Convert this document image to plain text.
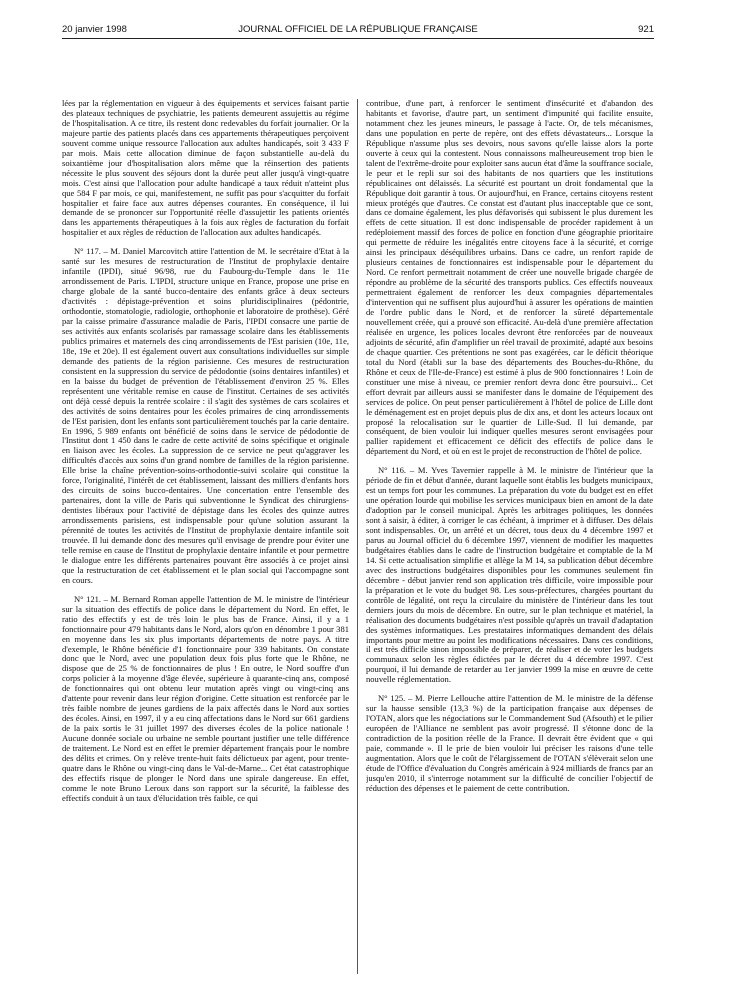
20 janvier 1998	JOURNAL OFFICIEL DE LA RÉPUBLIQUE FRANÇAISE	921

lées par la réglementation en vigueur à des équipements et services faisant partie des plateaux techniques de psychiatrie, les patients demeurent assujettis au régime de l'hospitalisation. A ce titre, ils restent donc redevables du forfait journalier. Or la majeure partie des patients placés dans ces appartements thérapeutiques perçoivent souvent comme unique ressource l'allocation aux adultes handicapés, soit 3 433 F par mois. Mais cette allocation diminue de façon substantielle au-delà du soixantième jour d'hospitalisation alors même que la réinsertion des patients nécessite le plus souvent des séjours dont la durée peut aller jusqu'à vingt-quatre mois. C'est ainsi que l'allocation pour adulte handicapé a taux réduit n'atteint plus que 584 F par mois, ce qui, manifestement, ne suffit pas pour s'acquitter du forfait hospitalier et faire face aux autres dépenses courantes. En conséquence, il lui demande de se prononcer sur l'opportunité réelle d'assujettir les patients orientés dans les appartements thérapeutiques à la fois aux règles de facturation du forfait hospitalier et aux règles de réduction de l'allocation aux adultes handicapés.

N° 117. – M. Daniel Marcovitch attire l'attention de M. le secrétaire d'Etat à la santé sur les mesures de restructuration de l'Institut de prophylaxie dentaire infantile (IPDI), situé 96/98, rue du Faubourg-du-Temple dans le 11e arrondissement de Paris. L'IPDI, structure unique en France, propose une prise en charge globale de la santé bucco-dentaire des enfants grâce à deux secteurs d'activités : dépistage-prévention et soins pluridisciplinaires (pédontrie, orthodontie, stomatologie, radiologie, orthophonie et laboratoire de prothèse). Géré par la caisse primaire d'assurance maladie de Paris, l'IPDI consacre une partie de ses activités aux enfants scolarisés par ramassage scolaire dans les établissements publics primaires et maternels des cinq arrondissements de l'Est parisien (10e, 11e, 18e, 19e et 20e). Il est également ouvert aux consultations individuelles sur simple demande des patients de la région parisienne. Ces mesures de restructuration consistent en la suppression du service de pédodontie (soins dentaires infantiles) et en la baisse du budget de prévention de l'établissement d'environ 25 %. Elles représentent une véritable remise en cause de l'institut. Certaines de ses activités ont déjà cessé depuis la rentrée scolaire : il s'agit des systèmes de cars scolaires et des activités de soins dentaires pour les écoles primaires de cinq arrondissements de l'Est parisien, dont les enfants sont particulièrement touchés par la carie dentaire. En 1996, 5 989 enfants ont bénéficié de soins dans le service de pédodontie de l'Institut dont 1 450 dans le cadre de cette activité de soins spécifique et originale en liaison avec les écoles. La suppression de ce service ne peut qu'aggraver les difficultés d'accès aux soins d'un grand nombre de familles de la région parisienne. Elle brise la chaîne prévention-soins-orthodontie-suivi scolaire qui constitue la force, l'originalité, l'intérêt de cet établissement, laissant des milliers d'enfants hors des circuits de soins bucco-dentaires. Une concertation entre l'ensemble des partenaires, dont la ville de Paris qui subventionne le Syndicat des chirurgiens-dentistes libéraux pour l'activité de dépistage dans les écoles des quinze autres arrondissements parisiens, est indispensable pour qu'une solution assurant la pérennité de toutes les activités de l'Institut de prophylaxie dentaire infantile soit trouvée. Il lui demande donc des mesures qu'il envisage de prendre pour éviter une telle remise en cause de l'Institut de prophylaxie dentaire infantile et pour permettre le dialogue entre les différents partenaires pouvant être associés à ce projet ainsi que la restructuration de cet établissement et le plan social qui l'accompagne sont en cours.

N° 121. – M. Bernard Roman appelle l'attention de M. le ministre de l'intérieur sur la situation des effectifs de police dans le département du Nord. En effet, le ratio des effectifs y est de très loin le plus bas de France. Ainsi, il y a 1 fonctionnaire pour 479 habitants dans le Nord, alors qu'on en dénombre 1 pour 381 en moyenne dans les six plus importants départements de notre pays. A titre d'exemple, le Rhône bénéficie d'1 fonctionnaire pour 339 habitants. On constate donc que le Nord, avec une population deux fois plus forte que le Rhône, ne dispose que de 25 % de fonctionnaires de plus ! En outre, le Nord souffre d'un corps policier à la moyenne d'âge élevée, supérieure à quarante-cinq ans, composé de fonctionnaires qui ont obtenu leur mutation après vingt ou vingt-cinq ans d'attente pour revenir dans leur région d'origine. Cette situation est renforcée par le très faible nombre de jeunes gardiens de la paix affectés dans le Nord aux sorties des écoles. Ainsi, en 1997, il y a eu cinq affectations dans le Nord sur 661 gardiens de la paix sortis le 31 juillet 1997 des diverses écoles de la police nationale ! Aucune donnée sociale ou urbaine ne semble pourtant justifier une telle différence de traitement. Le Nord est en effet le premier département français pour le nombre des délits et crimes. On y relève trente-huit faits délictueux par agent, pour trente-quatre dans le Rhône ou vingt-cinq dans le Val-de-Marne... Cet état catastrophique des effectifs risque de plonger le Nord dans une spirale dangereuse. En effet, comme le note Bruno Leroux dans son rapport sur la sécurité, la faiblesse des effectifs conduit à un taux d'élucidation très faible, ce qui

contribue, d'une part, à renforcer le sentiment d'insécurité et d'abandon des habitants et favorise, d'autre part, un sentiment d'impunité qui facilite ensuite, notamment chez les jeunes mineurs, le passage à l'acte. Or, de tels mécanismes, dans une population en perte de repère, ont des effets dévastateurs... Lorsque la République n'assume plus ses devoirs, nous savons qu'elle laisse alors la porte ouverte à ceux qui la contestent. Nous connaissons malheureusement trop bien le talent de l'extrême-droite pour exploiter sans aucun état d'âme la souffrance sociale, le peur et le repli sur soi des habitants de nos quartiers que les institutions républicaines ont délaissés. La sécurité est pourtant un droit fondamental que la République doit garantir à tous. Or aujourd'hui, en France, certains citoyens restent mieux protégés que d'autres. Ce constat est d'autant plus inacceptable que ce sont, dans ce domaine également, les plus défavorisés qui subissent le plus durement les effets de cette situation. Il est donc indispensable de procéder rapidement à un redéploiement massif des forces de police en fonction d'une géographie prioritaire qui permette de réduire les inégalités entre citoyens face à la sécurité, et corrige ainsi les principaux déséquilibres urbains. Dans ce cadre, un renfort rapide de plusieurs centaines de fonctionnaires est indispensable pour le département du Nord. Ce renfort permettrait notamment de créer une nouvelle brigade chargée de répondre au problème de la sécurité des transports publics. Ces effectifs nouveaux permettraient également de renforcer les deux compagnies départementales d'intervention qui ne suffisent plus aujourd'hui à assurer les opérations de maintien de l'ordre public dans le Nord, et de renforcer la sûreté départementale nouvellement créée, qui a prouvé son efficacité. Au-delà d'une première affectation réalisée en urgence, les polices locales devront être renforcées par de nouveaux adjoints de sécurité, afin d'amplifier un réel travail de proximité, adapté aux besoins de chaque quartier. Ces prétentions ne sont pas exagérées, car le déficit théorique total du Nord (établi sur la base des départements des Bouches-du-Rhône, du Rhône et ceux de l'Ile-de-France) est estimé à plus de 900 fonctionnaires ! Loin de constituer une mise à niveau, ce premier renfort devra donc être poursuivi... Cet effort devrait par ailleurs aussi se manifester dans le domaine de l'équipement des services de police. On peut penser particulièrement à l'hôtel de police de Lille dont le déménagement est en projet depuis plus de dix ans, et dont les acteurs locaux ont proposé la relocalisation sur le quartier de Lille-Sud. Il lui demande, par conséquent, de bien vouloir lui indiquer quelles mesures seront envisagées pour pallier rapidement et efficacement ce déficit des effectifs de police dans le département du Nord, et où en est le projet de reconstruction de l'hôtel de police.

N° 116. – M. Yves Tavernier rappelle à M. le ministre de l'intérieur que la période de fin et début d'année, durant laquelle sont établis les budgets municipaux, est un temps fort pour les communes. La préparation du vote du budget est en effet une opération lourde qui mobilise les services municipaux bien en amont de la date d'adoption par le conseil municipal. Après les arbitrages politiques, les données sont à saisir, à éditer, à corriger le cas échéant, à imprimer et à diffuser. Des délais sont indispensables. Or, un arrêté et un décret, tous deux du 4 décembre 1997 et parus au Journal officiel du 6 décembre 1997, viennent de modifier les maquettes budgétaires établies dans le cadre de l'instruction budgétaire et comptable de la M 14. Si cette actualisation simplifie et allège la M 14, sa publication début décembre avec des instructions budgétaires disponibles pour les communes seulement fin décembre - début janvier rend son application très difficile, voire impossible pour la préparation et le vote du budget 98. Les sous-préfectures, chargées pourtant du contrôle de légalité, ont reçu la circulaire du ministère de l'intérieur dans les tout derniers jours du mois de décembre. En outre, sur le plan technique et matériel, la réalisation des documents budgétaires n'est possible qu'après un travail d'adaptation des systèmes informatiques. Les prestataires informatiques demandent des délais importants pour mettre au point les modifications nécessaires. Dans ces conditions, il est très difficile sinon impossible de préparer, de réaliser et de voter les budgets communaux selon les règles édictées par le décret du 4 décembre 1997. C'est pourquoi, il lui demande de retarder au 1er janvier 1999 la mise en œuvre de cette nouvelle réglementation.

N° 125. – M. Pierre Lellouche attire l'attention de M. le ministre de la défense sur la hausse sensible (13,3 %) de la participation française aux dépenses de l'OTAN, alors que les négociations sur le Commandement Sud (Afsouth) et le pilier européen de l'Alliance ne semblent pas avoir progressé. Il s'étonne donc de la contradiction de la position réelle de la France. Il devrait être évident que « qui paie, commande ». Il le prie de bien vouloir lui préciser les raisons d'une telle augmentation. Alors que le coût de l'élargissement de l'OTAN s'élèverait selon une étude de l'Office d'évaluation du Congrès américain à 924 milliards de francs par an jusqu'en 2010, il s'interroge notamment sur la difficulté de concilier l'objectif de réduction des dépenses et le paiement de cette contribution.
